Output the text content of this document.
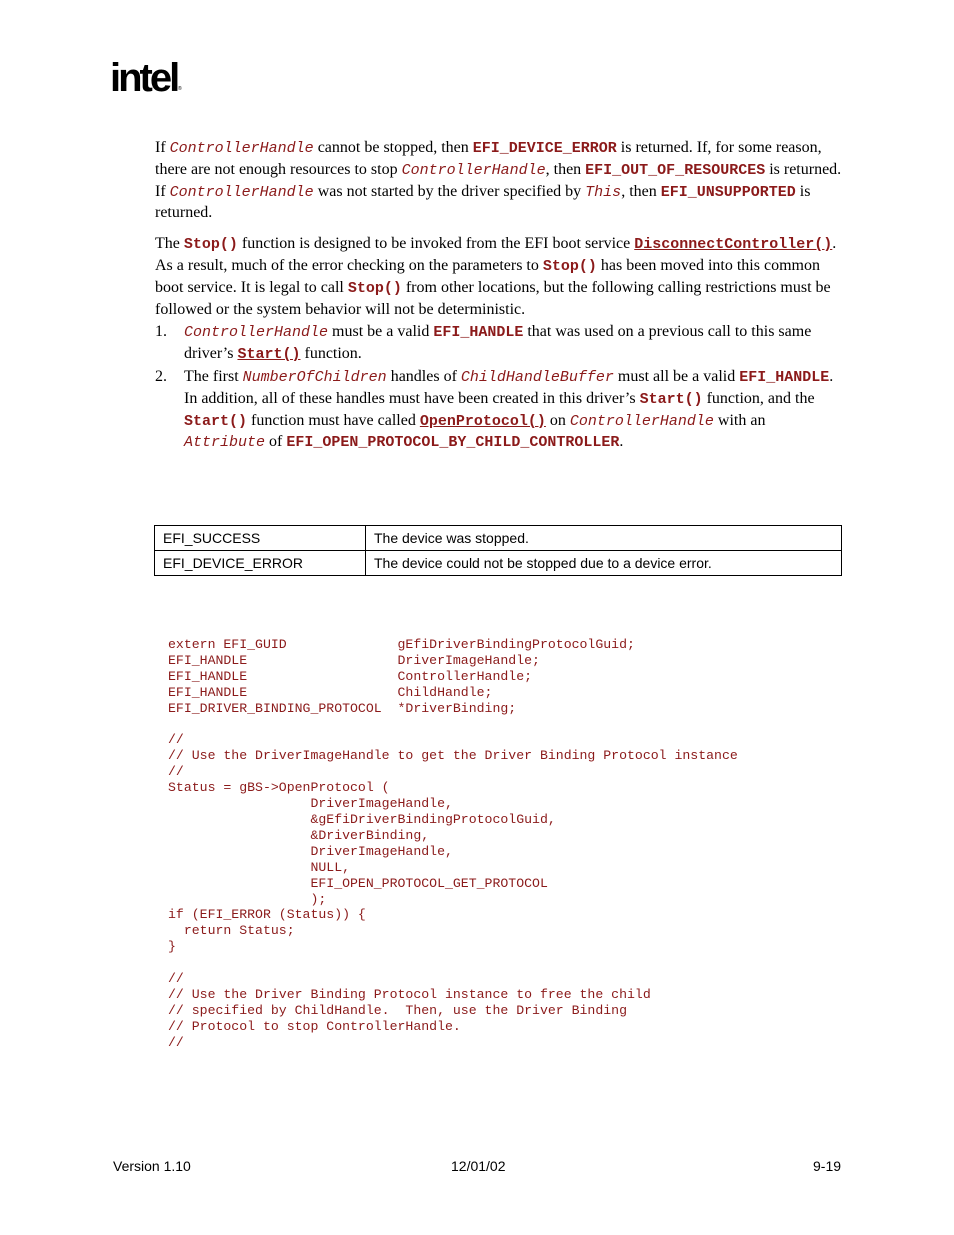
intel ®

If ControllerHandle cannot be stopped, then EFI_DEVICE_ERROR is returned. If, for some reason, there are not enough resources to stop ControllerHandle, then EFI_OUT_OF_RESOURCES is returned. If ControllerHandle was not started by the driver specified by This, then EFI_UNSUPPORTED is returned.

The Stop() function is designed to be invoked from the EFI boot service DisconnectController(). As a result, much of the error checking on the parameters to Stop() has been moved into this common boot service. It is legal to call Stop() from other locations, but the following calling restrictions must be followed or the system behavior will not be deterministic.

1. ControllerHandle must be a valid EFI_HANDLE that was used on a previous call to this same driver’s Start() function.
2. The first NumberOfChildren handles of ChildHandleBuffer must all be a valid EFI_HANDLE. In addition, all of these handles must have been created in this driver’s Start() function, and the Start() function must have called OpenProtocol() on ControllerHandle with an Attribute of EFI_OPEN_PROTOCOL_BY_CHILD_CONTROLLER.
EFI_SUCCESS	The device was stopped.
EFI_DEVICE_ERROR	The device could not be stopped due to a device error.
extern EFI_GUID              gEfiDriverBindingProtocolGuid;
EFI_HANDLE                   DriverImageHandle;
EFI_HANDLE                   ControllerHandle;
EFI_HANDLE                   ChildHandle;
EFI_DRIVER_BINDING_PROTOCOL  *DriverBinding;

//
// Use the DriverImageHandle to get the Driver Binding Protocol instance
//
Status = gBS->OpenProtocol (
DriverImageHandle,
&gEfiDriverBindingProtocolGuid,
&DriverBinding,
DriverImageHandle,
NULL,
EFI_OPEN_PROTOCOL_GET_PROTOCOL
);
if (EFI_ERROR (Status)) {
return Status;
}

//
// Use the Driver Binding Protocol instance to free the child
// specified by ChildHandle.  Then, use the Driver Binding
// Protocol to stop ControllerHandle.
//
Version 1.10	12/01/02	9-19
